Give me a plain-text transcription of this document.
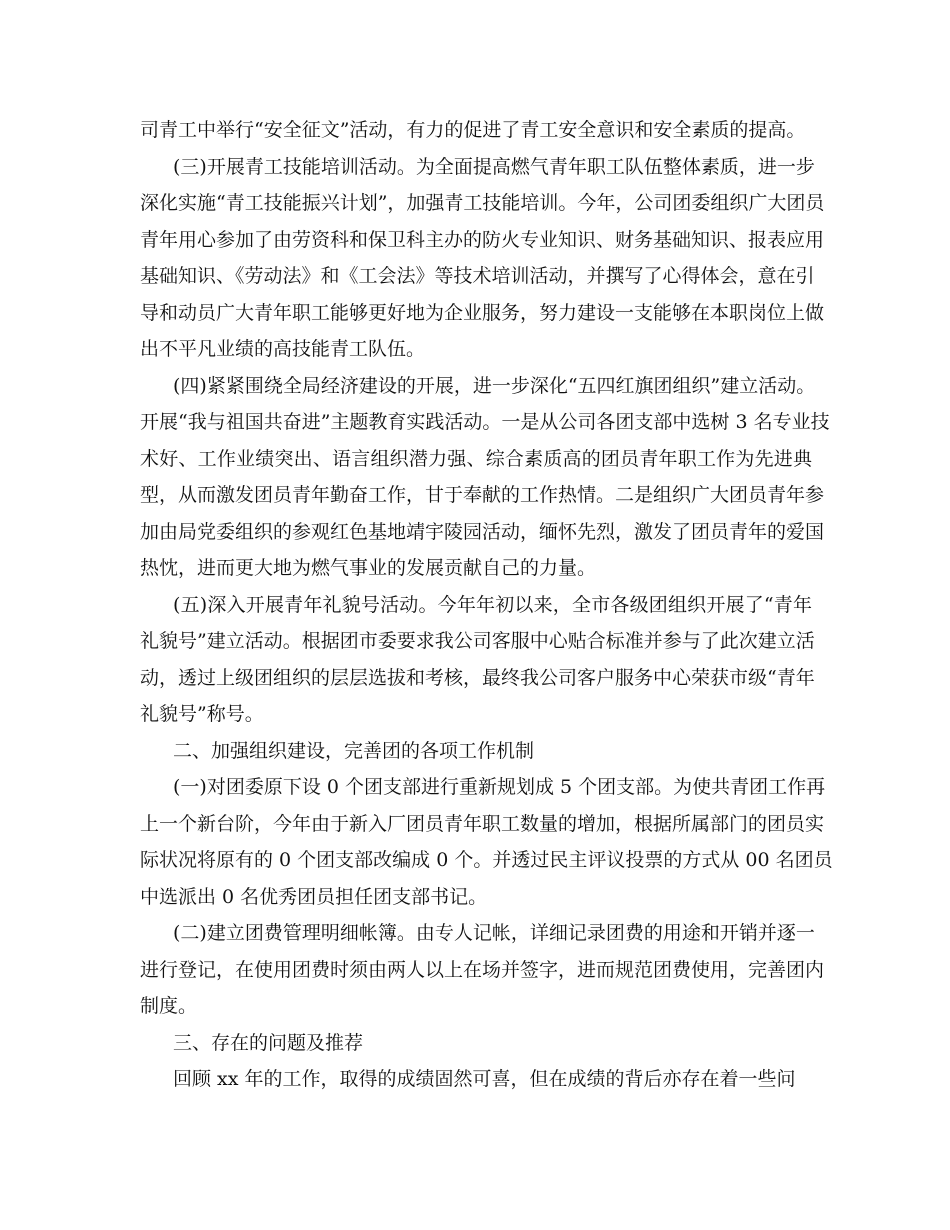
司青工中举行“安全征文”活动，有力的促进了青工安全意识和安全素质的提高。
(三)开展青工技能培训活动。为全面提高燃气青年职工队伍整体素质，进一步
深化实施“青工技能振兴计划”，加强青工技能培训。今年，公司团委组织广大团员
青年用心参加了由劳资科和保卫科主办的防火专业知识、财务基础知识、报表应用
基础知识、《劳动法》和《工会法》等技术培训活动，并撰写了心得体会，意在引
导和动员广大青年职工能够更好地为企业服务，努力建设一支能够在本职岗位上做
出不平凡业绩的高技能青工队伍。
(四)紧紧围绕全局经济建设的开展，进一步深化“五四红旗团组织”建立活动。
开展“我与祖国共奋进”主题教育实践活动。一是从公司各团支部中选树 3 名专业技
术好、工作业绩突出、语言组织潜力强、综合素质高的团员青年职工作为先进典
型，从而激发团员青年勤奋工作，甘于奉献的工作热情。二是组织广大团员青年参
加由局党委组织的参观红色基地靖宇陵园活动，缅怀先烈，激发了团员青年的爱国
热忱，进而更大地为燃气事业的发展贡献自己的力量。
(五)深入开展青年礼貌号活动。今年年初以来，全市各级团组织开展了“青年
礼貌号”建立活动。根据团市委要求我公司客服中心贴合标准并参与了此次建立活
动，透过上级团组织的层层选拔和考核，最终我公司客户服务中心荣获市级“青年
礼貌号”称号。
二、加强组织建设，完善团的各项工作机制
(一)对团委原下设 0 个团支部进行重新规划成 5 个团支部。为使共青团工作再
上一个新台阶，今年由于新入厂团员青年职工数量的增加，根据所属部门的团员实
际状况将原有的 0 个团支部改编成 0 个。并透过民主评议投票的方式从 00 名团员
中选派出 0 名优秀团员担任团支部书记。
(二)建立团费管理明细帐簿。由专人记帐，详细记录团费的用途和开销并逐一
进行登记，在使用团费时须由两人以上在场并签字，进而规范团费使用，完善团内
制度。
三、存在的问题及推荐
回顾 xx 年的工作，取得的成绩固然可喜，但在成绩的背后亦存在着一些问
